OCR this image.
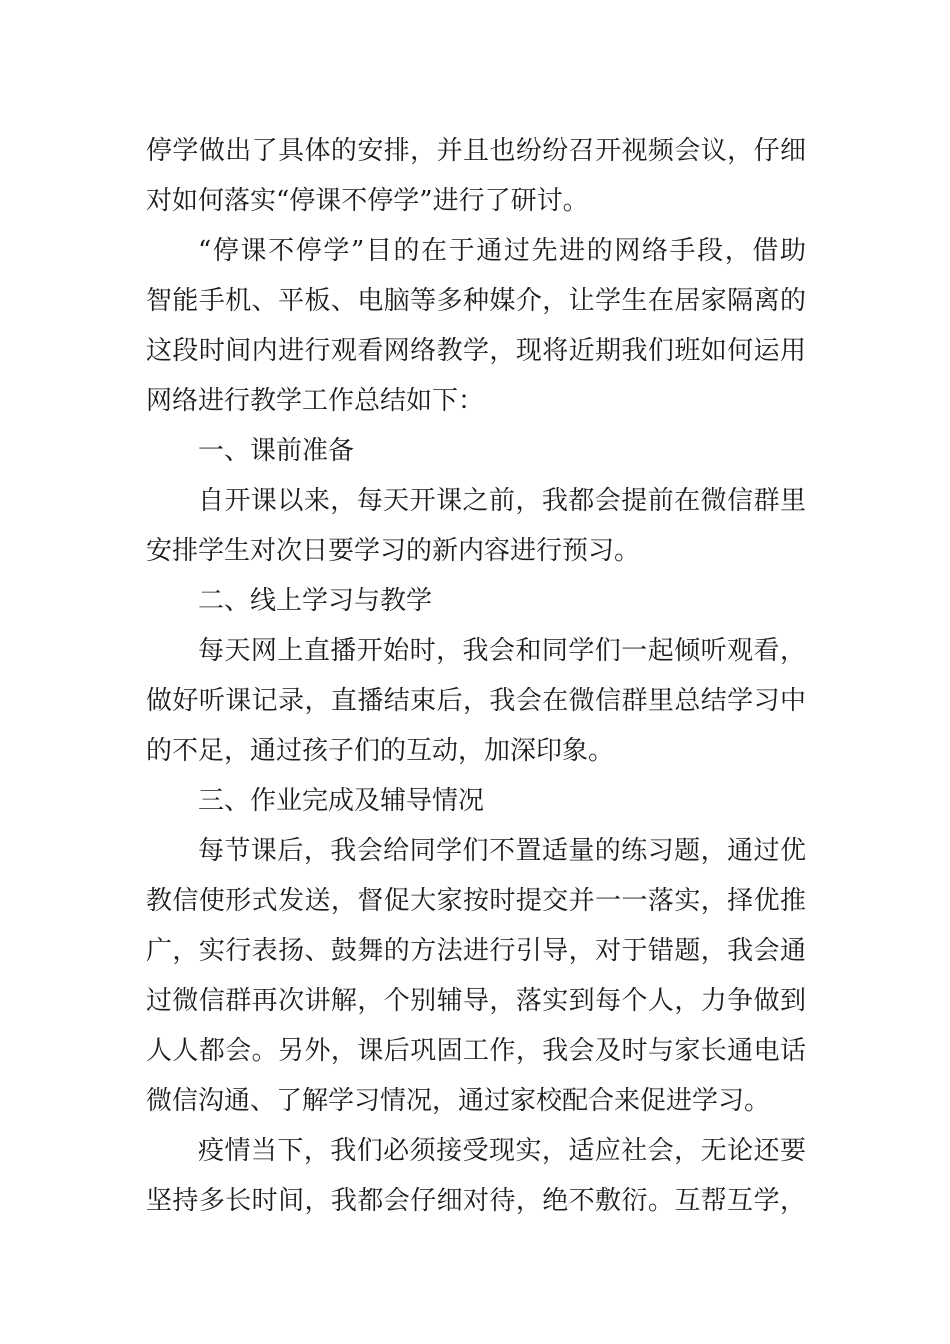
停学做出了具体的安排，并且也纷纷召开视频会议，仔细
对如何落实“停课不停学”进行了研讨。
“停课不停学”目的在于通过先进的网络手段，借助
智能手机、平板、电脑等多种媒介，让学生在居家隔离的
这段时间内进行观看网络教学，现将近期我们班如何运用
网络进行教学工作总结如下：
一、课前准备
自开课以来，每天开课之前，我都会提前在微信群里
安排学生对次日要学习的新内容进行预习。
二、线上学习与教学
每天网上直播开始时，我会和同学们一起倾听观看，
做好听课记录，直播结束后，我会在微信群里总结学习中
的不足，通过孩子们的互动，加深印象。
三、作业完成及辅导情况
每节课后，我会给同学们不置适量的练习题，通过优
教信使形式发送，督促大家按时提交并一一落实，择优推
广，实行表扬、鼓舞的方法进行引导，对于错题，我会通
过微信群再次讲解，个别辅导，落实到每个人，力争做到
人人都会。另外，课后巩固工作，我会及时与家长通电话
微信沟通、了解学习情况，通过家校配合来促进学习。
疫情当下，我们必须接受现实，适应社会，无论还要
坚持多长时间，我都会仔细对待，绝不敷衍。互帮互学，
